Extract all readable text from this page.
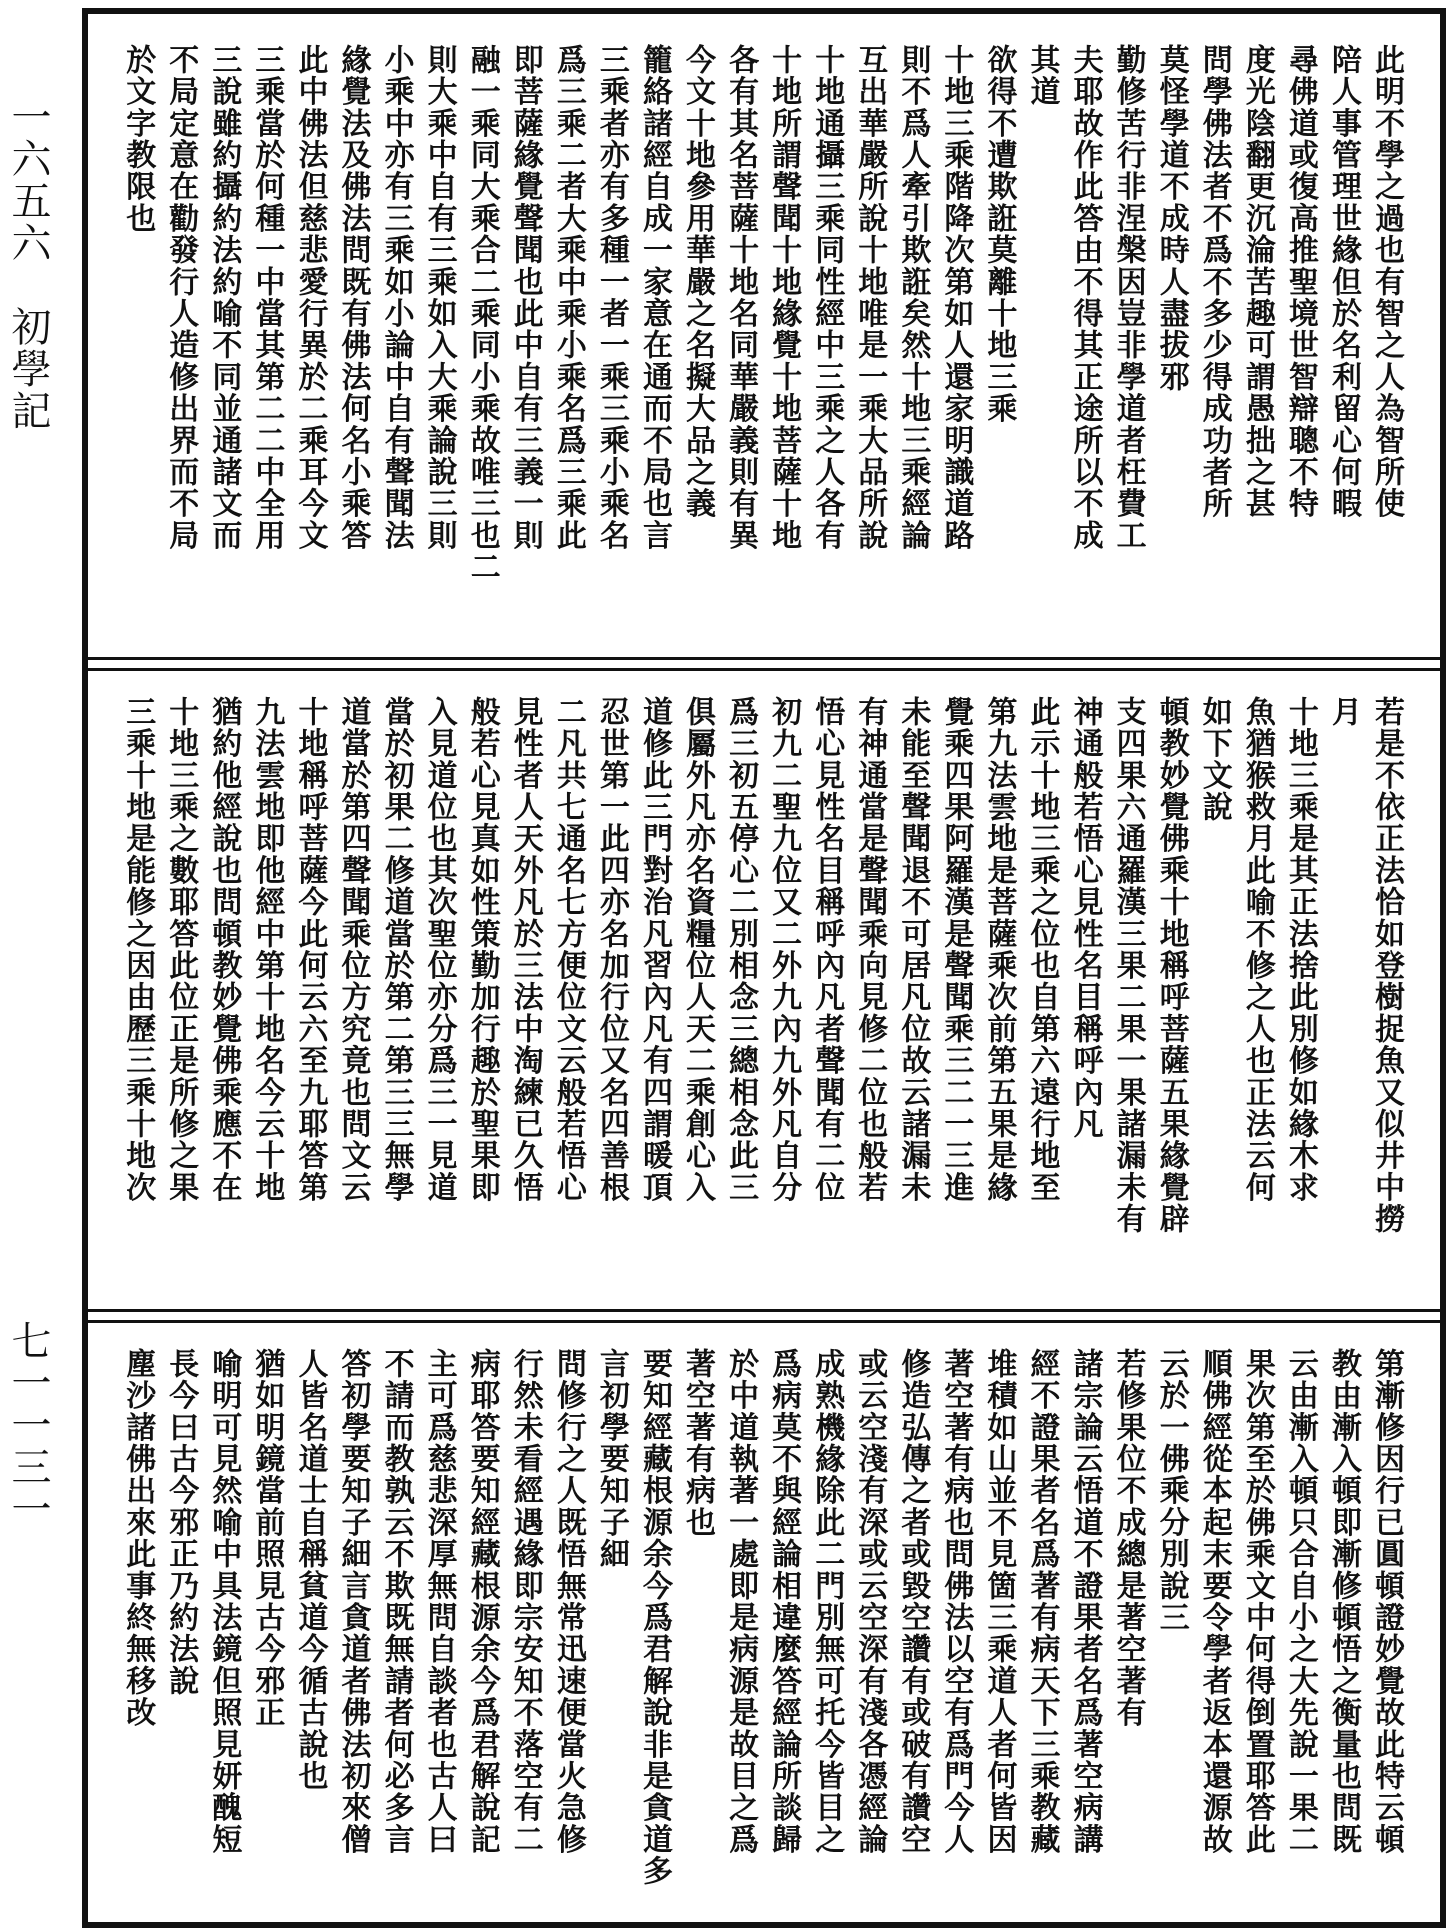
一六五六　初學記
七一一三一
此明不學之過也有智之人為智所使
陪人事管理世緣但於名利留心何暇
尋佛道或復高推聖境世智辯聰不特
度光陰翻更沉淪苦趣可謂愚拙之甚
問學佛法者不爲不多少得成功者所
莫怪學道不成時人盡拔邪
勤修苦行非涅槃因豈非學道者枉費工
夫耶故作此答由不得其正途所以不成
其道
欲得不遭欺誑莫離十地三乘
十地三乘階降次第如人還家明識道路
則不爲人牽引欺誑矣然十地三乘經論
互出華嚴所說十地唯是一乘大品所說
十地通攝三乘同性經中三乘之人各有
十地所謂聲聞十地緣覺十地菩薩十地
各有其名菩薩十地名同華嚴義則有異
今文十地參用華嚴之名擬大品之義
籠絡諸經自成一家意在通而不局也言
三乘者亦有多種一者一乘三乘小乘名
爲三乘二者大乘中乘小乘名爲三乘此
即菩薩緣覺聲聞也此中自有三義一則
融一乘同大乘合二乘同小乘故唯三也二
則大乘中自有三乘如入大乘論說三則
小乘中亦有三乘如小論中自有聲聞法
緣覺法及佛法問既有佛法何名小乘答
此中佛法但慈悲愛行異於二乘耳今文
三乘當於何種一中當其第二二中全用
三說雖約攝約法約喻不同並通諸文而
不局定意在勸發行人造修出界而不局
於文字教限也
若是不依正法恰如登樹捉魚又似井中撈
月
十地三乘是其正法捨此別修如緣木求
魚猶猴救月此喻不修之人也正法云何
如下文說
頓教妙覺佛乘十地稱呼菩薩五果緣覺辟
支四果六通羅漢三果二果一果諸漏未有
神通般若悟心見性名目稱呼內凡
此示十地三乘之位也自第六遠行地至
第九法雲地是菩薩乘次前第五果是緣
覺乘四果阿羅漢是聲聞乘三二一三進
未能至聲聞退不可居凡位故云諸漏未
有神通當是聲聞乘向見修二位也般若
悟心見性名目稱呼內凡者聲聞有二位
初九二聖九位又二外九內九外凡自分
爲三初五停心二別相念三總相念此三
俱屬外凡亦名資糧位人天二乘創心入
道修此三門對治凡習內凡有四謂暖頂
忍世第一此四亦名加行位又名四善根
二凡共七通名七方便位文云般若悟心
見性者人天外凡於三法中淘練已久悟
般若心見真如性策勤加行趣於聖果即
入見道位也其次聖位亦分爲三一見道
當於初果二修道當於第二第三三無學
道當於第四聲聞乘位方究竟也問文云
十地稱呼菩薩今此何云六至九耶答第
九法雲地即他經中第十地名今云十地
猶約他經說也問頓教妙覺佛乘應不在
十地三乘之數耶答此位正是所修之果
三乘十地是能修之因由歷三乘十地次
第漸修因行已圓頓證妙覺故此特云頓
教由漸入頓即漸修頓悟之衡量也問既
云由漸入頓只合自小之大先說一果二
果次第至於佛乘文中何得倒置耶答此
順佛經從本起末要令學者返本還源故
云於一佛乘分別說三
若修果位不成總是著空著有
諸宗論云悟道不證果者名爲著空病講
經不證果者名爲著有病天下三乘教藏
堆積如山並不見箇三乘道人者何皆因
著空著有病也問佛法以空有爲門今人
修造弘傳之者或毀空讚有或破有讚空
或云空淺有深或云空深有淺各憑經論
成熟機緣除此二門別無可托今皆目之
爲病莫不與經論相違麼答經論所談歸
於中道執著一處即是病源是故目之爲
著空著有病也
要知經藏根源余今爲君解說非是貪道多
言初學要知子細
問修行之人既悟無常迅速便當火急修
行然未看經遇緣即宗安知不落空有二
病耶答要知經藏根源余今爲君解說記
主可爲慈悲深厚無問自談者也古人曰
不請而教孰云不欺既無請者何必多言
答初學要知子細言貪道者佛法初來僧
人皆名道士自稱貧道今循古說也
猶如明鏡當前照見古今邪正
喻明可見然喻中具法鏡但照見妍醜短
長今曰古今邪正乃約法說
塵沙諸佛出來此事終無移改
